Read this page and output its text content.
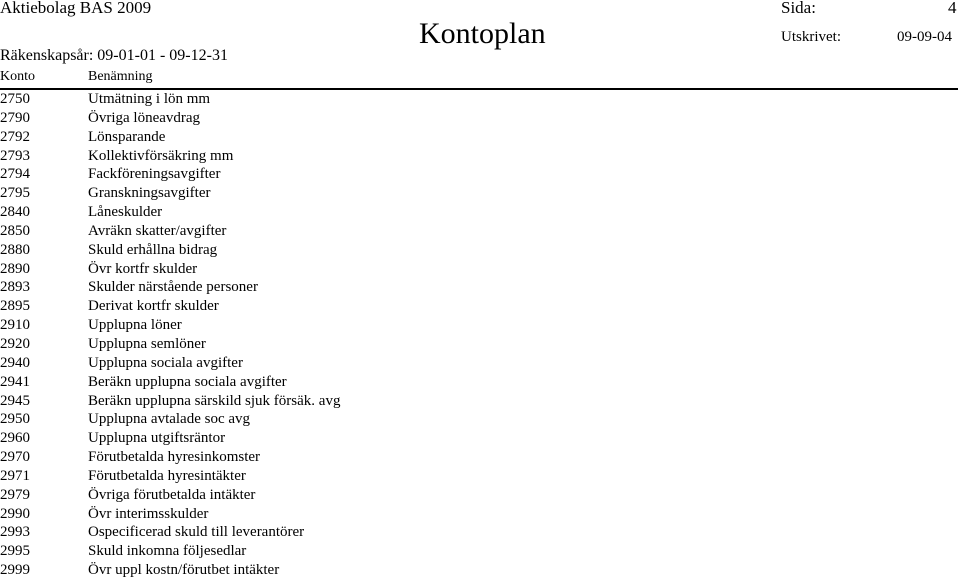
Aktiebolag BAS 2009	Sida:	4
Kontoplan
Räkenskapsår: 09-01-01 - 09-12-31
Utskrivet:	09-09-04
Konto	Benämning
2750	Utmätning i lön mm
2790	Övriga löneavdrag
2792	Lönsparande
2793	Kollektivförsäkring mm
2794	Fackföreningsavgifter
2795	Granskningsavgifter
2840	Låneskulder
2850	Avräkn skatter/avgifter
2880	Skuld erhållna bidrag
2890	Övr kortfr skulder
2893	Skulder närstående personer
2895	Derivat kortfr skulder
2910	Upplupna löner
2920	Upplupna semlöner
2940	Upplupna sociala avgifter
2941	Beräkn upplupna sociala avgifter
2945	Beräkn upplupna särskild sjuk försäk. avg
2950	Upplupna avtalade soc avg
2960	Upplupna utgiftsräntor
2970	Förutbetalda hyresinkomster
2971	Förutbetalda hyresintäkter
2979	Övriga förutbetalda intäkter
2990	Övr interimsskulder
2993	Ospecificerad skuld till leverantörer
2995	Skuld inkomna följesedlar
2999	Övr uppl kostn/förutbet intäkter
